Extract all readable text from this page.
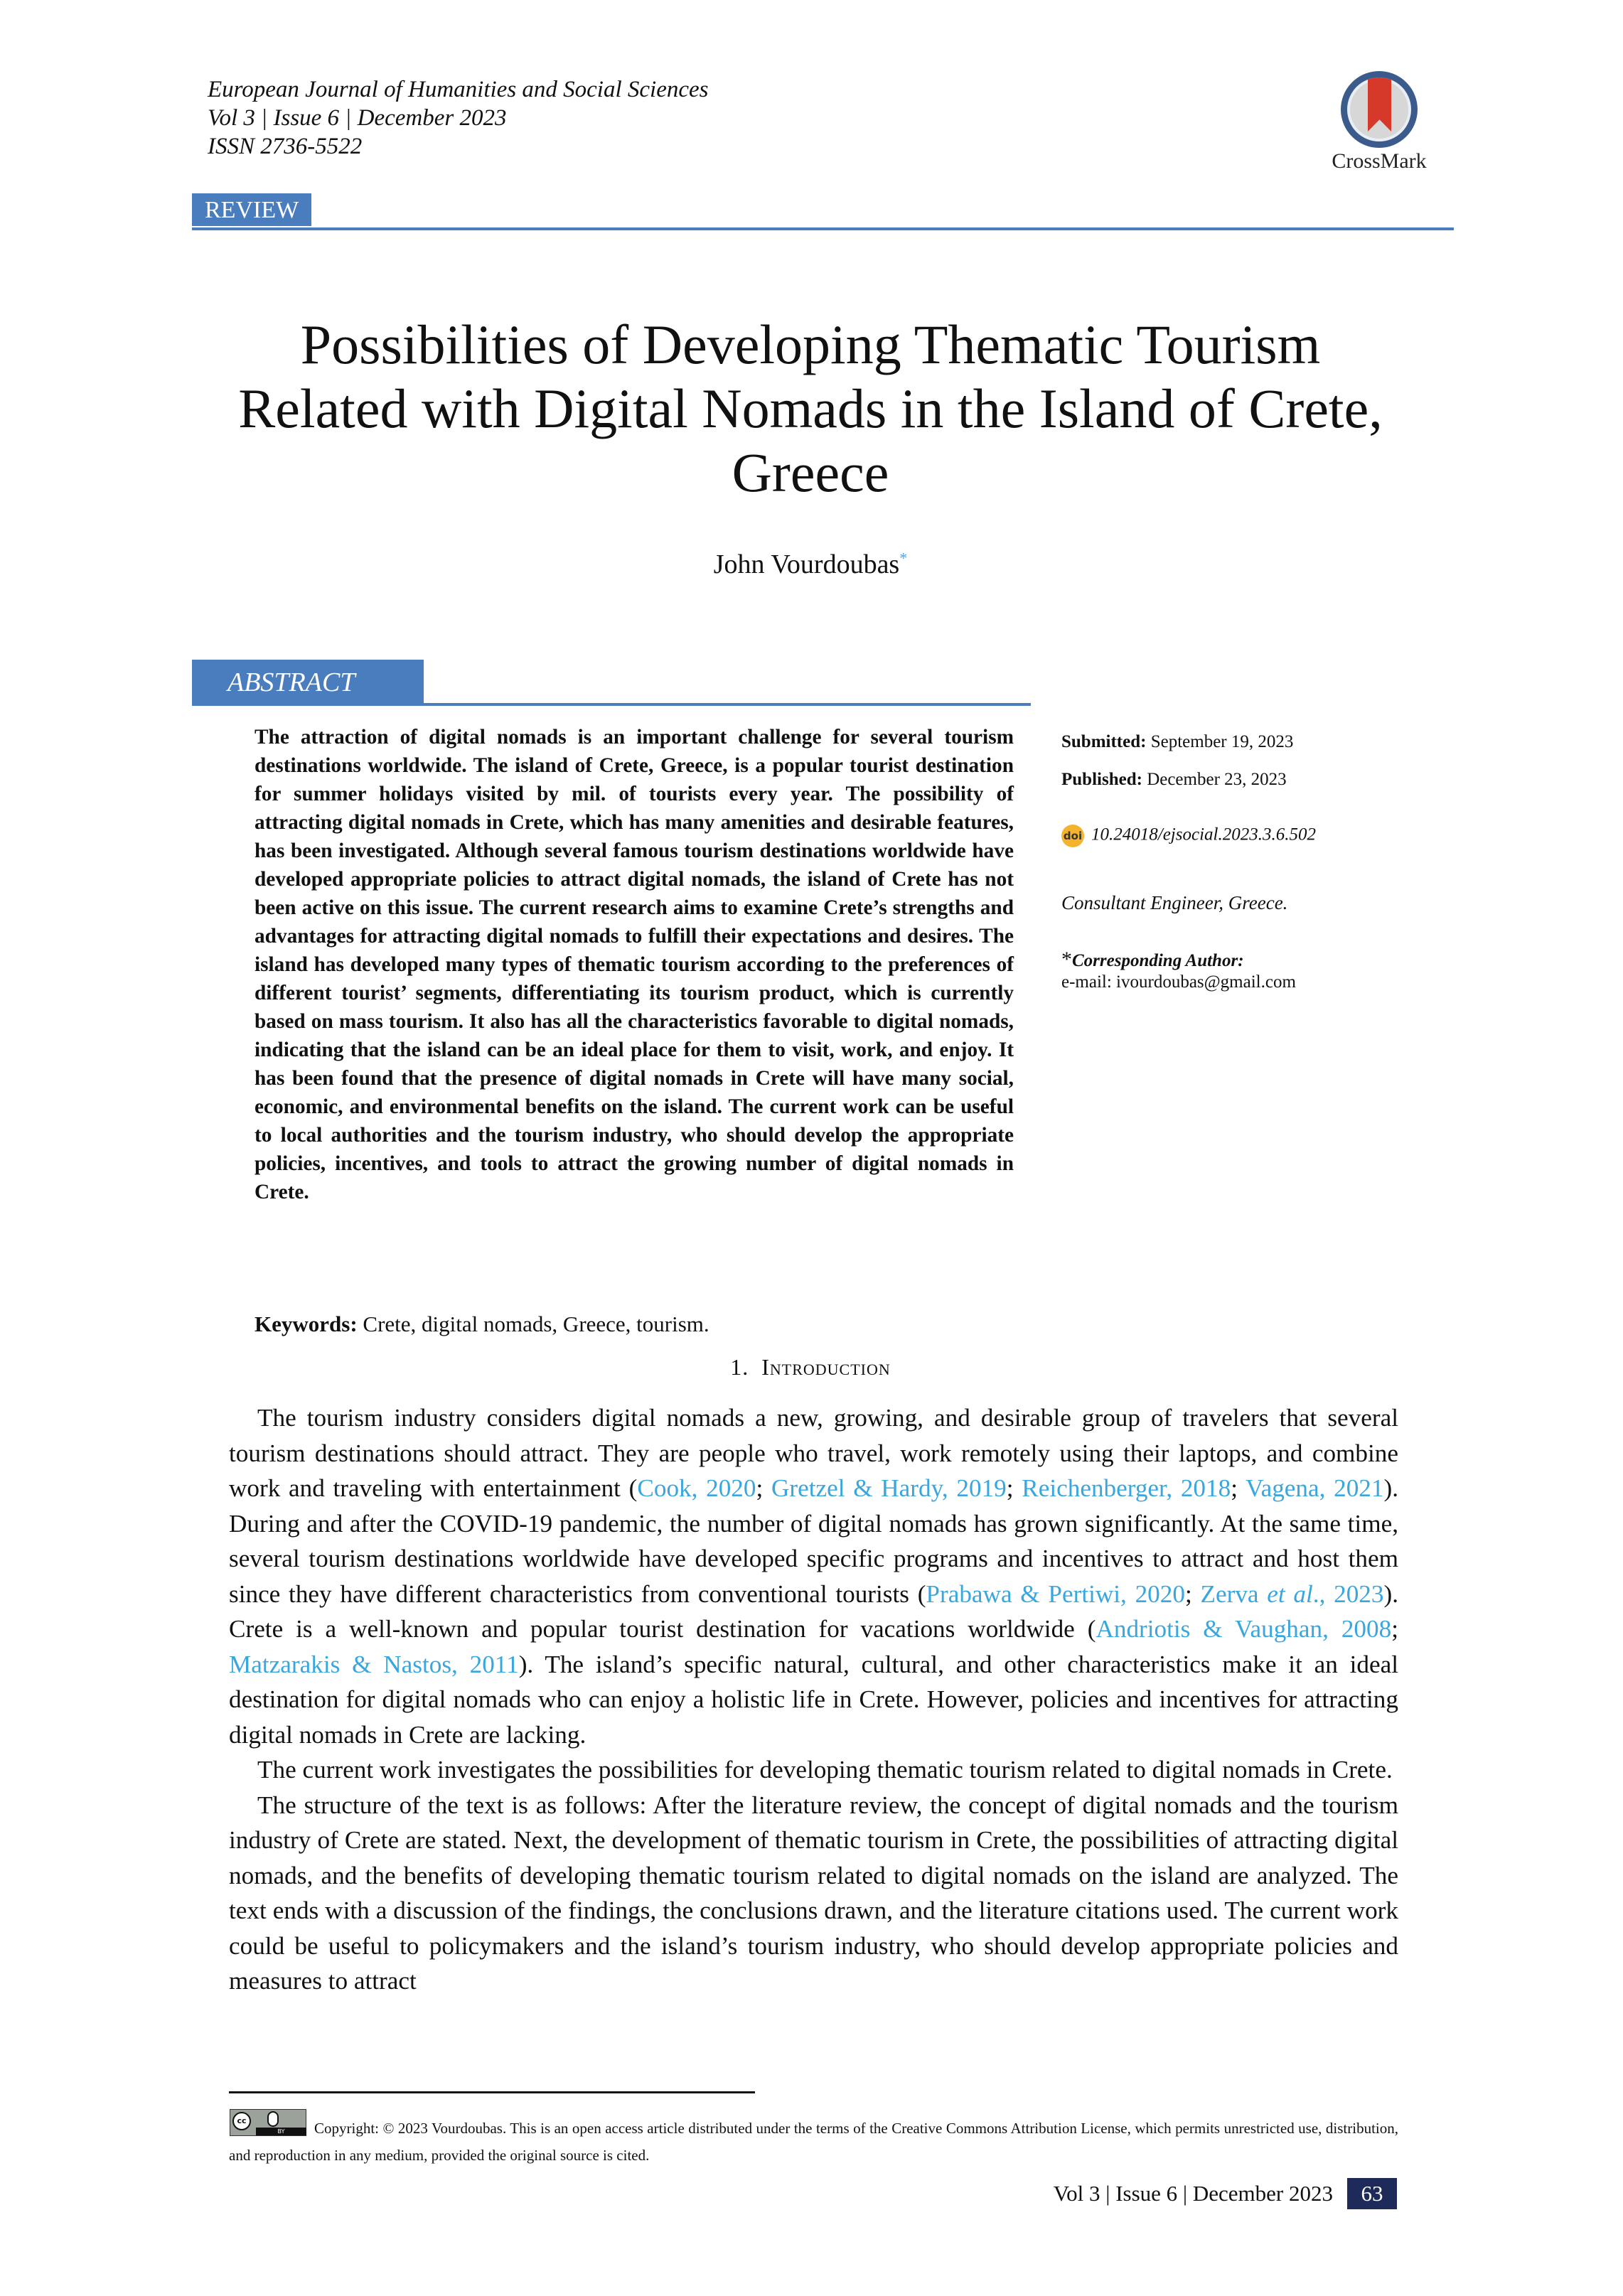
European Journal of Humanities and Social Sciences
Vol 3 | Issue 6 | December 2023
ISSN 2736-5522
CrossMark
REVIEW
Possibilities of Developing Thematic Tourism Related with Digital Nomads in the Island of Crete, Greece
John Vourdoubas*
ABSTRACT
The attraction of digital nomads is an important challenge for several tourism destinations worldwide. The island of Crete, Greece, is a popular tourist destination for summer holidays visited by mil. of tourists every year. The possibility of attracting digital nomads in Crete, which has many amenities and desirable features, has been investigated. Although several famous tourism destinations worldwide have developed appropriate policies to attract digital nomads, the island of Crete has not been active on this issue. The current research aims to examine Crete’s strengths and advantages for attracting digital nomads to fulfill their expectations and desires. The island has developed many types of thematic tourism according to the preferences of different tourist’ segments, differentiating its tourism product, which is currently based on mass tourism. It also has all the characteristics favorable to digital nomads, indicating that the island can be an ideal place for them to visit, work, and enjoy. It has been found that the presence of digital nomads in Crete will have many social, economic, and environmental benefits on the island. The current work can be useful to local authorities and the tourism industry, who should develop the appropriate policies, incentives, and tools to attract the growing number of digital nomads in Crete.
Submitted: September 19, 2023
Published: December 23, 2023
doi 10.24018/ejsocial.2023.3.6.502
Consultant Engineer, Greece.
*Corresponding Author:
e-mail: ivourdoubas@gmail.com
Keywords: Crete, digital nomads, Greece, tourism.
1. Introduction

The tourism industry considers digital nomads a new, growing, and desirable group of travelers that several tourism destinations should attract. They are people who travel, work remotely using their laptops, and combine work and traveling with entertainment (Cook, 2020; Gretzel & Hardy, 2019; Reichenberger, 2018; Vagena, 2021). During and after the COVID-19 pandemic, the number of digital nomads has grown significantly. At the same time, several tourism destinations worldwide have developed specific programs and incentives to attract and host them since they have different characteristics from conventional tourists (Prabawa & Pertiwi, 2020; Zerva et al., 2023). Crete is a well-known and popular tourist destination for vacations worldwide (Andriotis & Vaughan, 2008; Matzarakis & Nastos, 2011). The island’s specific natural, cultural, and other characteristics make it an ideal destination for digital nomads who can enjoy a holistic life in Crete. However, policies and incentives for attracting digital nomads in Crete are lacking.

The current work investigates the possibilities for developing thematic tourism related to digital nomads in Crete.

The structure of the text is as follows: After the literature review, the concept of digital nomads and the tourism industry of Crete are stated. Next, the development of thematic tourism in Crete, the possibilities of attracting digital nomads, and the benefits of developing thematic tourism related to digital nomads on the island are analyzed. The text ends with a discussion of the findings, the conclusions drawn, and the literature citations used. The current work could be useful to policymakers and the island’s tourism industry, who should develop appropriate policies and measures to attract

cc
BY	Copyright: © 2023 Vourdoubas. This is an open access article distributed under the terms of the Creative Commons Attribution License, which permits unrestricted use, distribution, and reproduction in any medium, provided the original source is cited.
Vol 3 | Issue 6 | December 2023	63
